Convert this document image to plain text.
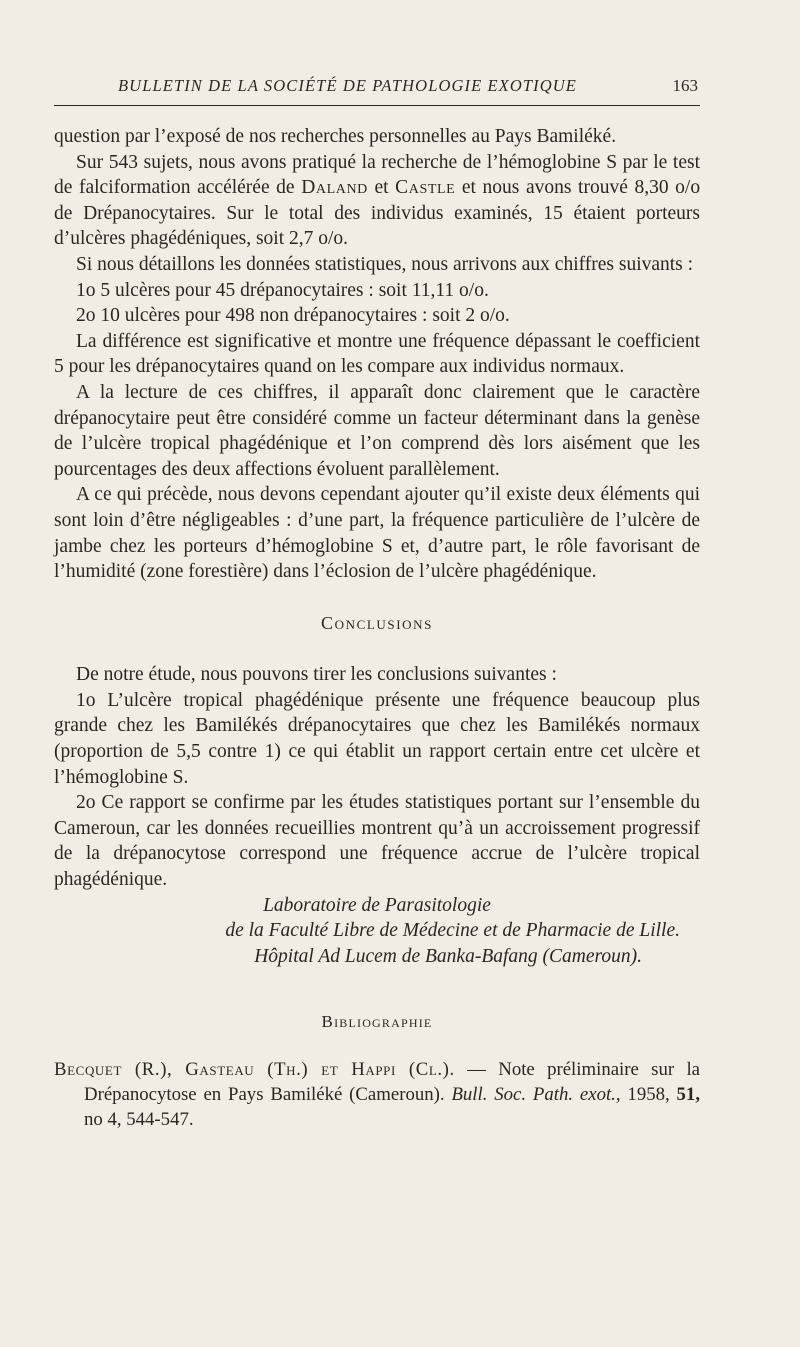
BULLETIN DE LA SOCIÉTÉ DE PATHOLOGIE EXOTIQUE	163

question par l’exposé de nos recherches personnelles au Pays Bamiléké.

Sur 543 sujets, nous avons pratiqué la recherche de l’hémoglobine S par le test de falciformation accélérée de Daland et Castle et nous avons trouvé 8,30 o/o de Drépanocytaires. Sur le total des individus examinés, 15 étaient porteurs d’ulcères phagédéniques, soit 2,7 o/o.

Si nous détaillons les données statistiques, nous arrivons aux chiffres suivants :

1o 5 ulcères pour 45 drépanocytaires : soit 11,11 o/o.

2o 10 ulcères pour 498 non drépanocytaires : soit 2 o/o.

La différence est significative et montre une fréquence dépassant le coefficient 5 pour les drépanocytaires quand on les compare aux individus normaux.

A la lecture de ces chiffres, il apparaît donc clairement que le caractère drépanocytaire peut être considéré comme un facteur déterminant dans la genèse de l’ulcère tropical phagédénique et l’on comprend dès lors aisément que les pourcentages des deux affections évoluent parallèlement.

A ce qui précède, nous devons cependant ajouter qu’il existe deux éléments qui sont loin d’être négligeables : d’une part, la fréquence particulière de l’ulcère de jambe chez les porteurs d’hémoglobine S et, d’autre part, le rôle favorisant de l’humidité (zone forestière) dans l’éclosion de l’ulcère phagédénique.

Conclusions

De notre étude, nous pouvons tirer les conclusions suivantes :

1o L’ulcère tropical phagédénique présente une fréquence beaucoup plus grande chez les Bamilékés drépanocytaires que chez les Bamilékés normaux (proportion de 5,5 contre 1) ce qui établit un rapport certain entre cet ulcère et l’hémoglobine S.

2o Ce rapport se confirme par les études statistiques portant sur l’ensemble du Cameroun, car les données recueillies montrent qu’à un accroissement progressif de la drépanocytose correspond une fréquence accrue de l’ulcère tropical phagédénique.

Laboratoire de Parasitologie

de la Faculté Libre de Médecine et de Pharmacie de Lille.

Hôpital Ad Lucem de Banka-Bafang (Cameroun).

Bibliographie

Becquet (R.), Gasteau (Th.) et Happi (Cl.). — Note préliminaire sur la Drépanocytose en Pays Bamiléké (Cameroun). Bull. Soc. Path. exot., 1958, 51, no 4, 544-547.
